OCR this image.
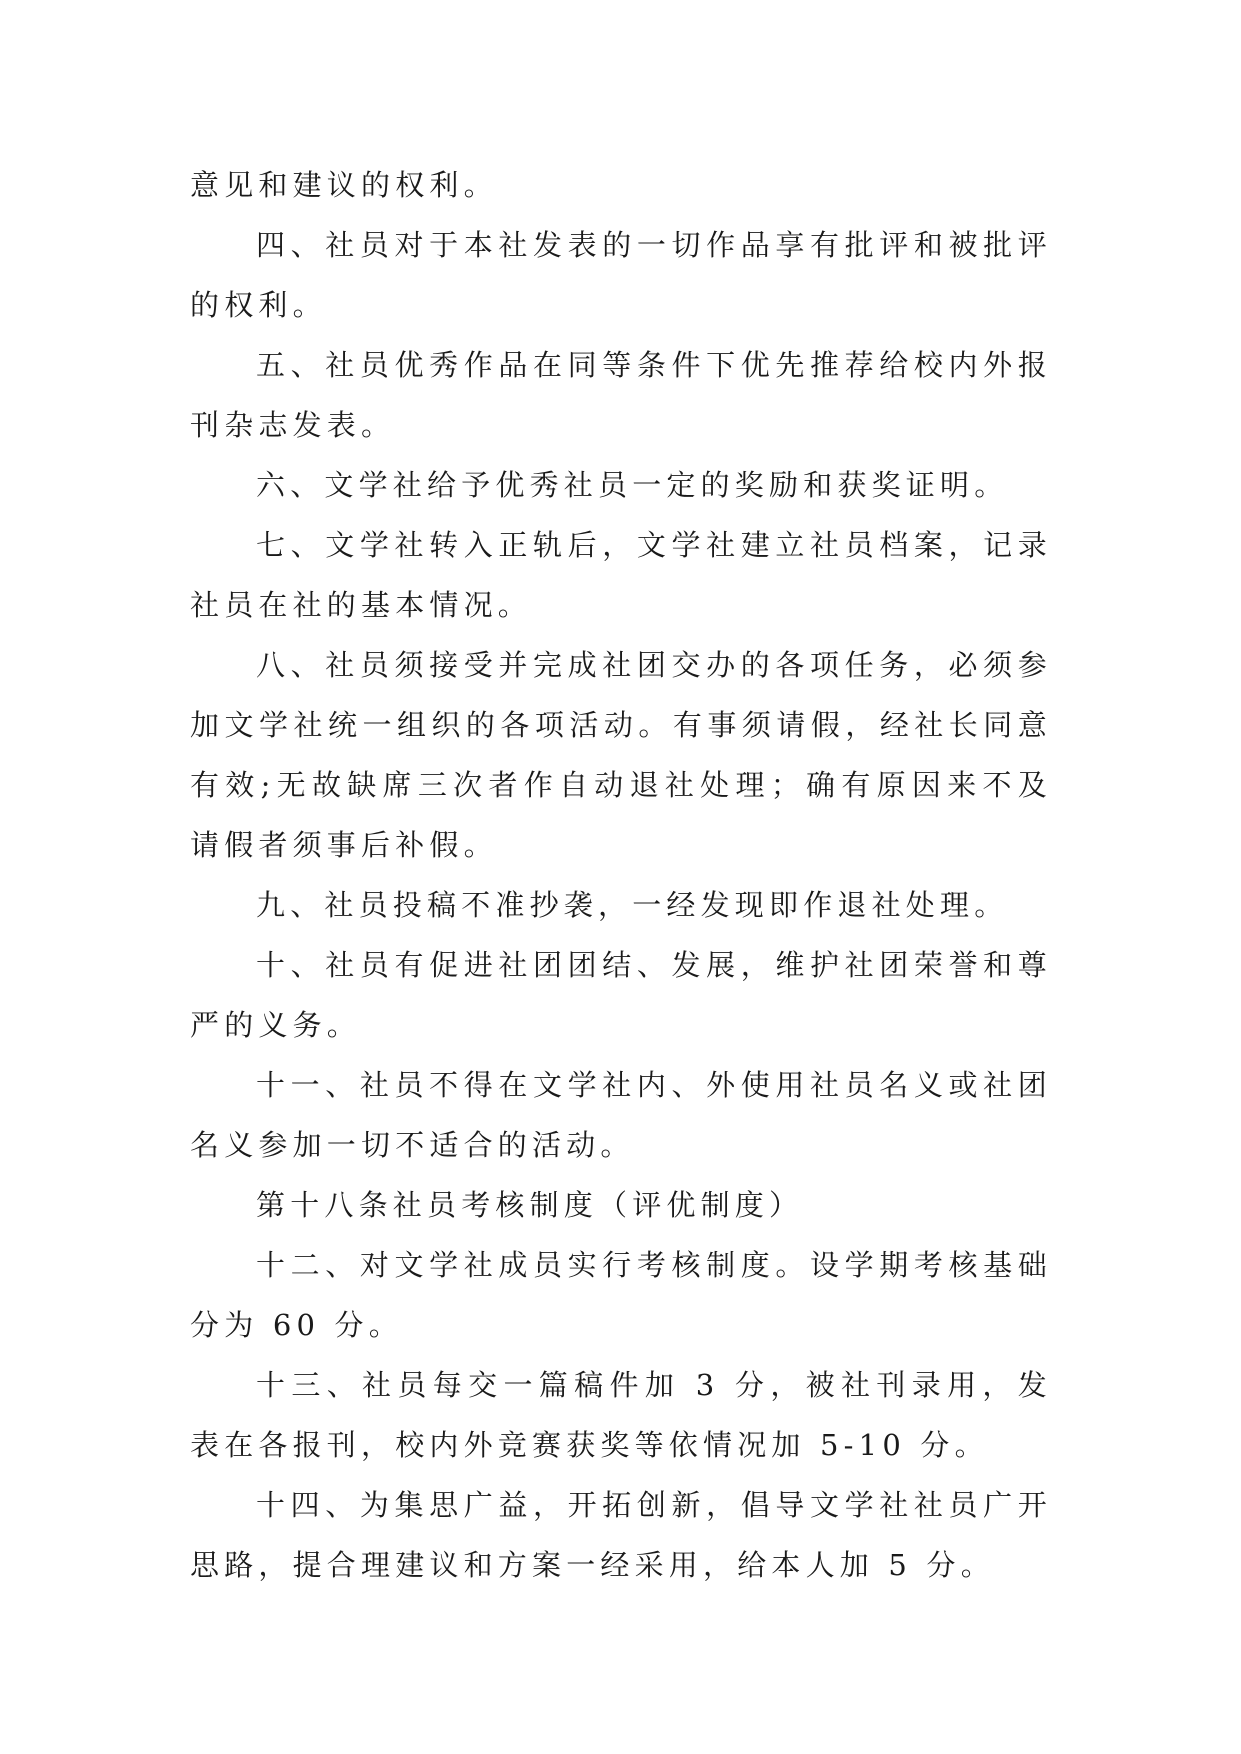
意见和建议的权利。

四、社员对于本社发表的一切作品享有批评和被批评的权利。

五、社员优秀作品在同等条件下优先推荐给校内外报刊杂志发表。

六、文学社给予优秀社员一定的奖励和获奖证明。

七、文学社转入正轨后，文学社建立社员档案，记录社员在社的基本情况。

八、社员须接受并完成社团交办的各项任务，必须参加文学社统一组织的各项活动。有事须请假，经社长同意有效;无故缺席三次者作自动退社处理；确有原因来不及请假者须事后补假。

九、社员投稿不准抄袭，一经发现即作退社处理。

十、社员有促进社团团结、发展，维护社团荣誉和尊严的义务。

十一、社员不得在文学社内、外使用社员名义或社团名义参加一切不适合的活动。

第十八条社员考核制度（评优制度）

十二、对文学社成员实行考核制度。设学期考核基础分为 60 分。

十三、社员每交一篇稿件加 3 分，被社刊录用，发表在各报刊，校内外竞赛获奖等依情况加 5-10 分。

十四、为集思广益，开拓创新，倡导文学社社员广开思路，提合理建议和方案一经采用，给本人加 5 分。
